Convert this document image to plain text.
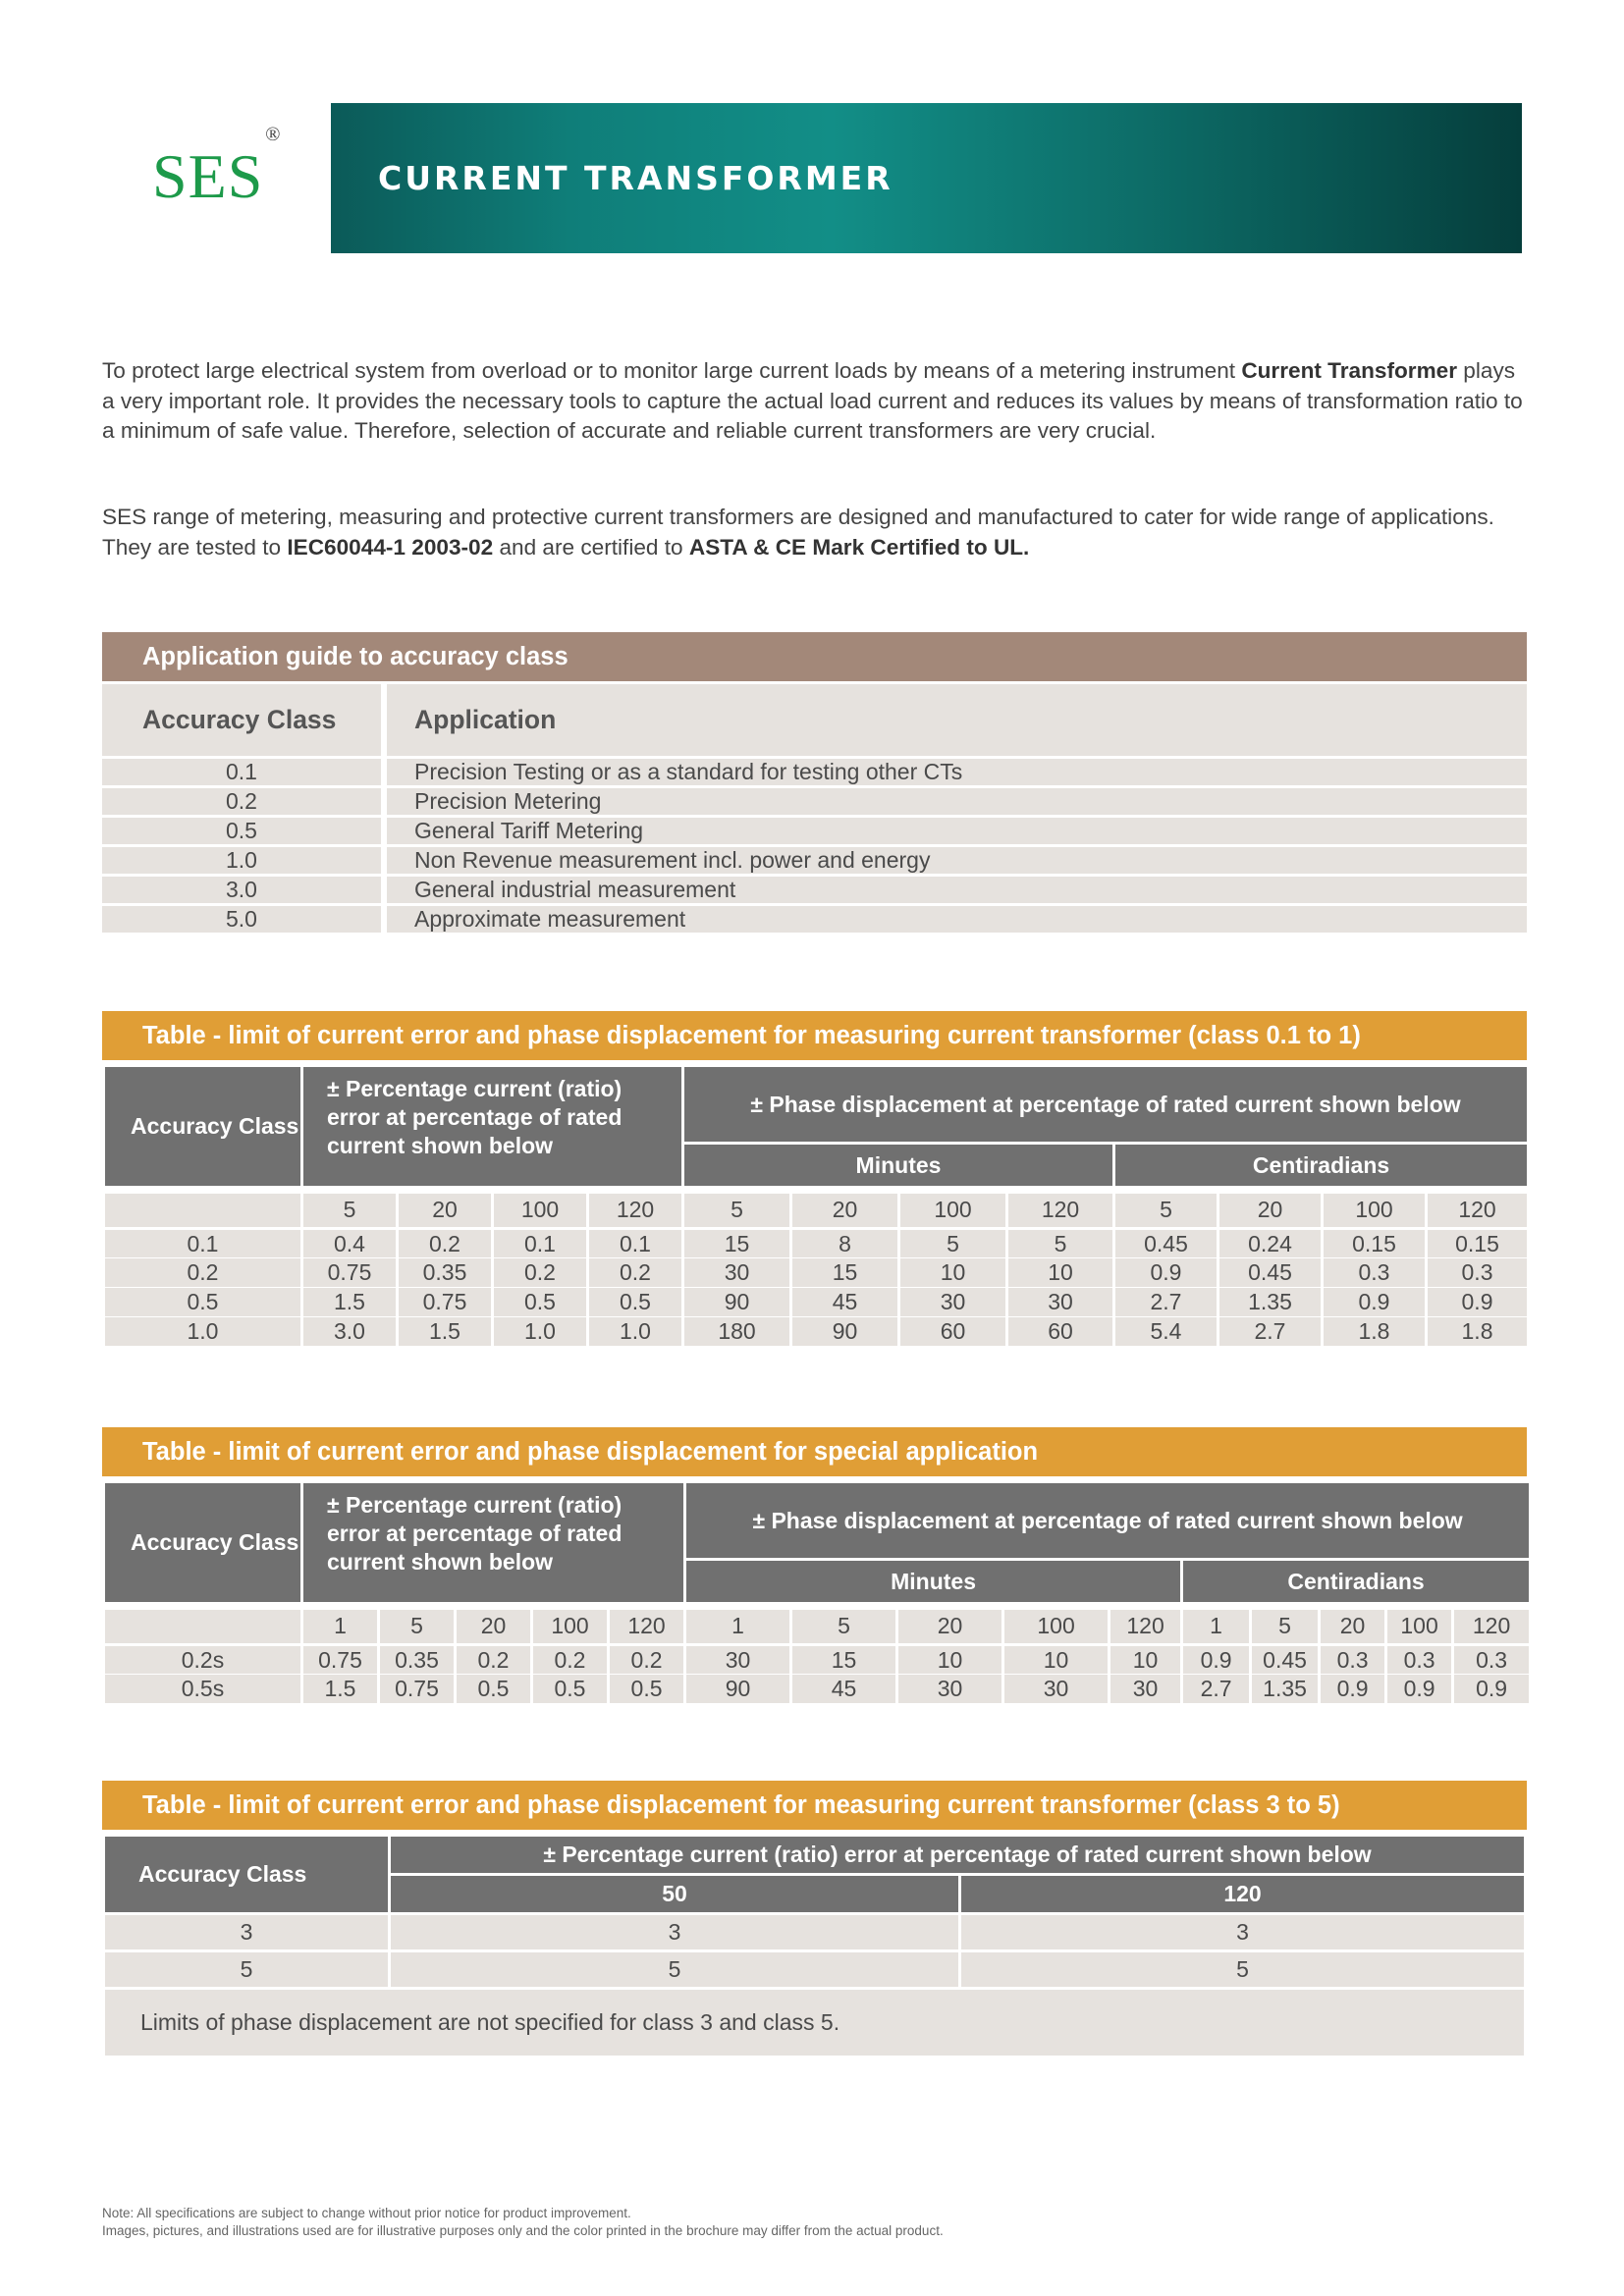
SES®
CURRENT TRANSFORMER

To protect large electrical system from overload or to monitor large current loads by means of a metering instrument Current Transformer plays a very important role. It provides the necessary tools to capture the actual load current and reduces its values by means of transformation ratio to a minimum of safe value. Therefore, selection of accurate and reliable current transformers are very crucial.

SES range of metering, measuring and protective current transformers are designed and manufactured to cater for wide range of applications. They are tested to IEC60044-1 2003-02 and are certified to ASTA & CE Mark Certified to UL.

Application guide to accuracy class
Accuracy Class	Application
0.1	Precision Testing or as a standard for testing other CTs
0.2	Precision Metering
0.5	General Tariff Metering
1.0	Non Revenue measurement incl. power and energy
3.0	General industrial measurement
5.0	Approximate measurement
Table - limit of current error and phase displacement for measuring current transformer (class 0.1 to 1)
Accuracy Class	± Percentage current (ratio) error at percentage of rated current shown below				± Phase displacement at percentage of rated current shown below							
					Minutes				Centiradians			

	5	20	100	120	5	20	100	120	5	20	100	120
0.1	0.4	0.2	0.1	0.1	15	8	5	5	0.45	0.24	0.15	0.15
0.2	0.75	0.35	0.2	0.2	30	15	10	10	0.9	0.45	0.3	0.3
0.5	1.5	0.75	0.5	0.5	90	45	30	30	2.7	1.35	0.9	0.9
1.0	3.0	1.5	1.0	1.0	180	90	60	60	5.4	2.7	1.8	1.8
Table - limit of current error and phase displacement for special application
Accuracy Class	± Percentage current (ratio) error at percentage of rated current shown below					± Phase displacement at percentage of rated current shown below									
						Minutes					Centiradians				

	1	5	20	100	120	1	5	20	100	120	1	5	20	100	120
0.2s	0.75	0.35	0.2	0.2	0.2	30	15	10	10	10	0.9	0.45	0.3	0.3	0.3
0.5s	1.5	0.75	0.5	0.5	0.5	90	45	30	30	30	2.7	1.35	0.9	0.9	0.9
Table - limit of current error and phase displacement for measuring current transformer (class 3 to 5)
Accuracy Class	± Percentage current (ratio) error at percentage of rated current shown below	
	50	120
3	3	3
5	5	5
Limits of phase displacement are not specified for class 3 and class 5.		
Note: All specifications are subject to change without prior notice for product improvement.
Images, pictures, and illustrations used are for illustrative purposes only and the color printed in the brochure may differ from the actual product.
